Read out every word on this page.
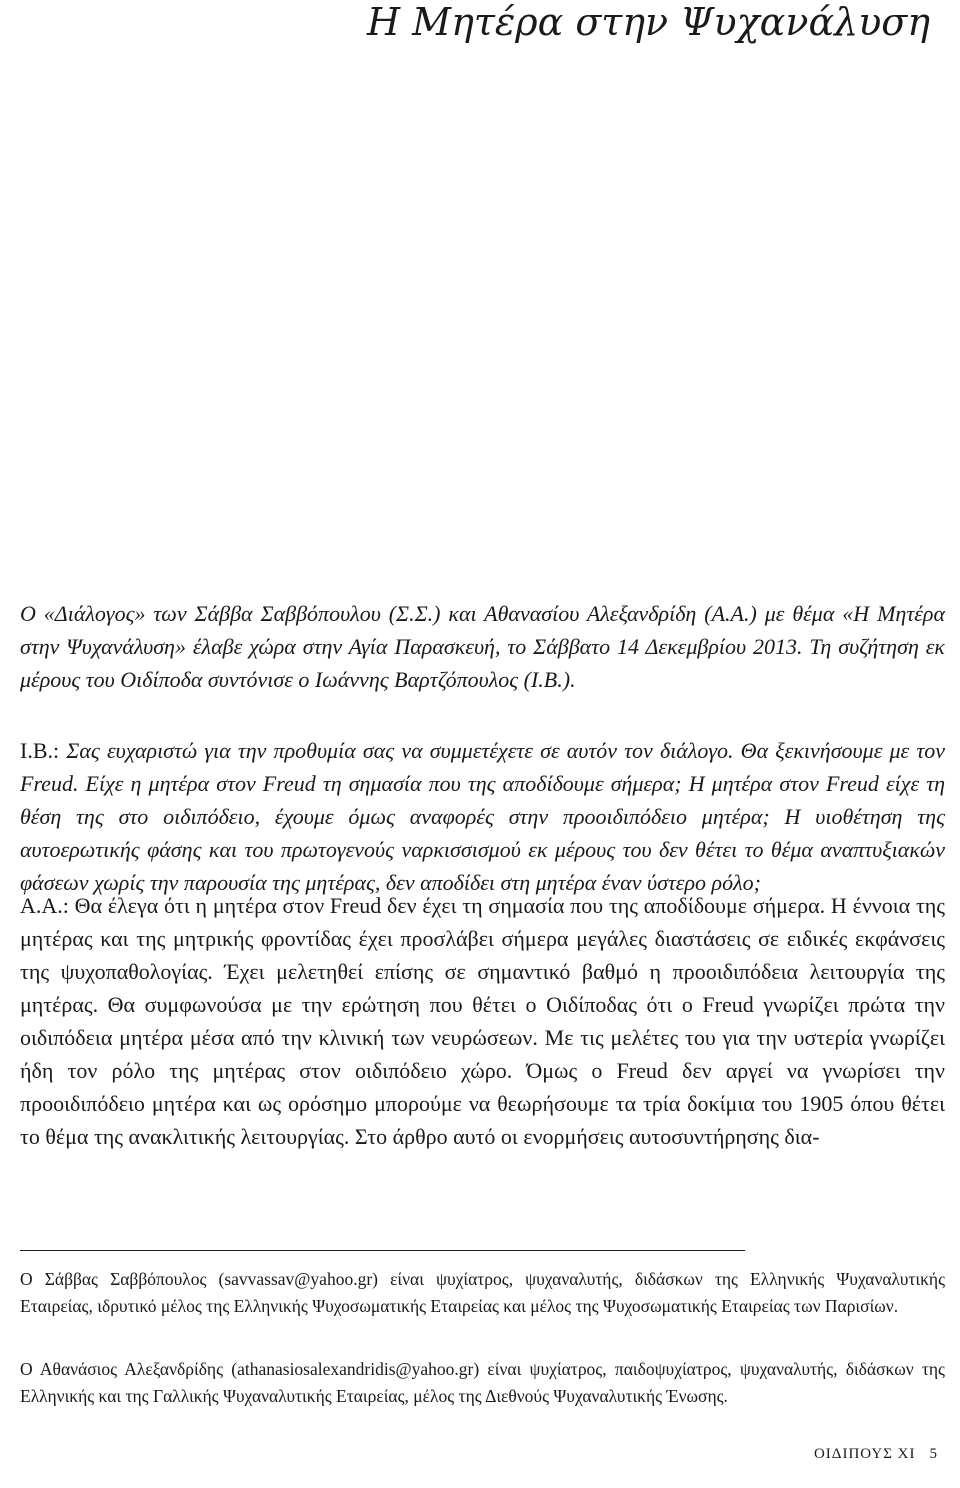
Η Μητέρα στην Ψυχανάλυση

Ο «Διάλογος» των Σάββα Σαββόπουλου (Σ.Σ.) και Αθανασίου Αλεξανδρίδη (Α.Α.) με θέμα «Η Μητέρα στην Ψυχανάλυση» έλαβε χώρα στην Αγία Παρασκευή, το Σάββατο 14 Δεκεμβρίου 2013. Τη συζήτηση εκ μέρους του Οιδίποδα συντόνισε ο Ιωάννης Βαρτζόπουλος (Ι.Β.).

Ι.Β.: Σας ευχαριστώ για την προθυμία σας να συμμετέχετε σε αυτόν τον διάλογο. Θα ξεκινήσουμε με τον Freud. Είχε η μητέρα στον Freud τη σημασία που της αποδίδουμε σήμερα; Η μητέρα στον Freud είχε τη θέση της στο οιδιπόδειο, έχουμε όμως αναφορές στην προοιδιπόδειο μητέρα; Η υιοθέτηση της αυτοερωτικής φάσης και του πρωτογενούς ναρκισσισμού εκ μέρους του δεν θέτει το θέμα αναπτυξιακών φάσεων χωρίς την παρουσία της μητέρας, δεν αποδίδει στη μητέρα έναν ύστερο ρόλο;

Α.Α.: Θα έλεγα ότι η μητέρα στον Freud δεν έχει τη σημασία που της αποδίδουμε σήμερα. Η έννοια της μητέρας και της μητρικής φροντίδας έχει προσλάβει σήμερα μεγάλες διαστάσεις σε ειδικές εκφάνσεις της ψυχοπαθολογίας. Έχει μελετηθεί επίσης σε σημαντικό βαθμό η προοιδιπόδεια λειτουργία της μητέρας. Θα συμφωνούσα με την ερώτηση που θέτει ο Οιδίποδας ότι ο Freud γνωρίζει πρώτα την οιδιπόδεια μητέρα μέσα από την κλινική των νευρώσεων. Με τις μελέτες του για την υστερία γνωρίζει ήδη τον ρόλο της μητέρας στον οιδιπόδειο χώρο. Όμως ο Freud δεν αργεί να γνωρίσει την προοιδιπόδειο μητέρα και ως ορόσημο μπορούμε να θεωρήσουμε τα τρία δοκίμια του 1905 όπου θέτει το θέμα της ανακλιτικής λειτουργίας. Στο άρθρο αυτό οι ενορμήσεις αυτοσυντήρησης δια-

Ο Σάββας Σαββόπουλος (savvassav@yahoo.gr) είναι ψυχίατρος, ψυχαναλυτής, διδάσκων της Ελληνικής Ψυχαναλυτικής Εταιρείας, ιδρυτικό μέλος της Ελληνικής Ψυχοσωματικής Εταιρείας και μέλος της Ψυχοσωματικής Εταιρείας των Παρισίων.

Ο Αθανάσιος Αλεξανδρίδης (athanasiosalexandridis@yahoo.gr) είναι ψυχίατρος, παιδοψυχίατρος, ψυχαναλυτής, διδάσκων της Ελληνικής και της Γαλλικής Ψυχαναλυτικής Εταιρείας, μέλος της Διεθνούς Ψυχαναλυτικής Ένωσης.

ΟΙΔΙΠΟΥΣ XI 5
